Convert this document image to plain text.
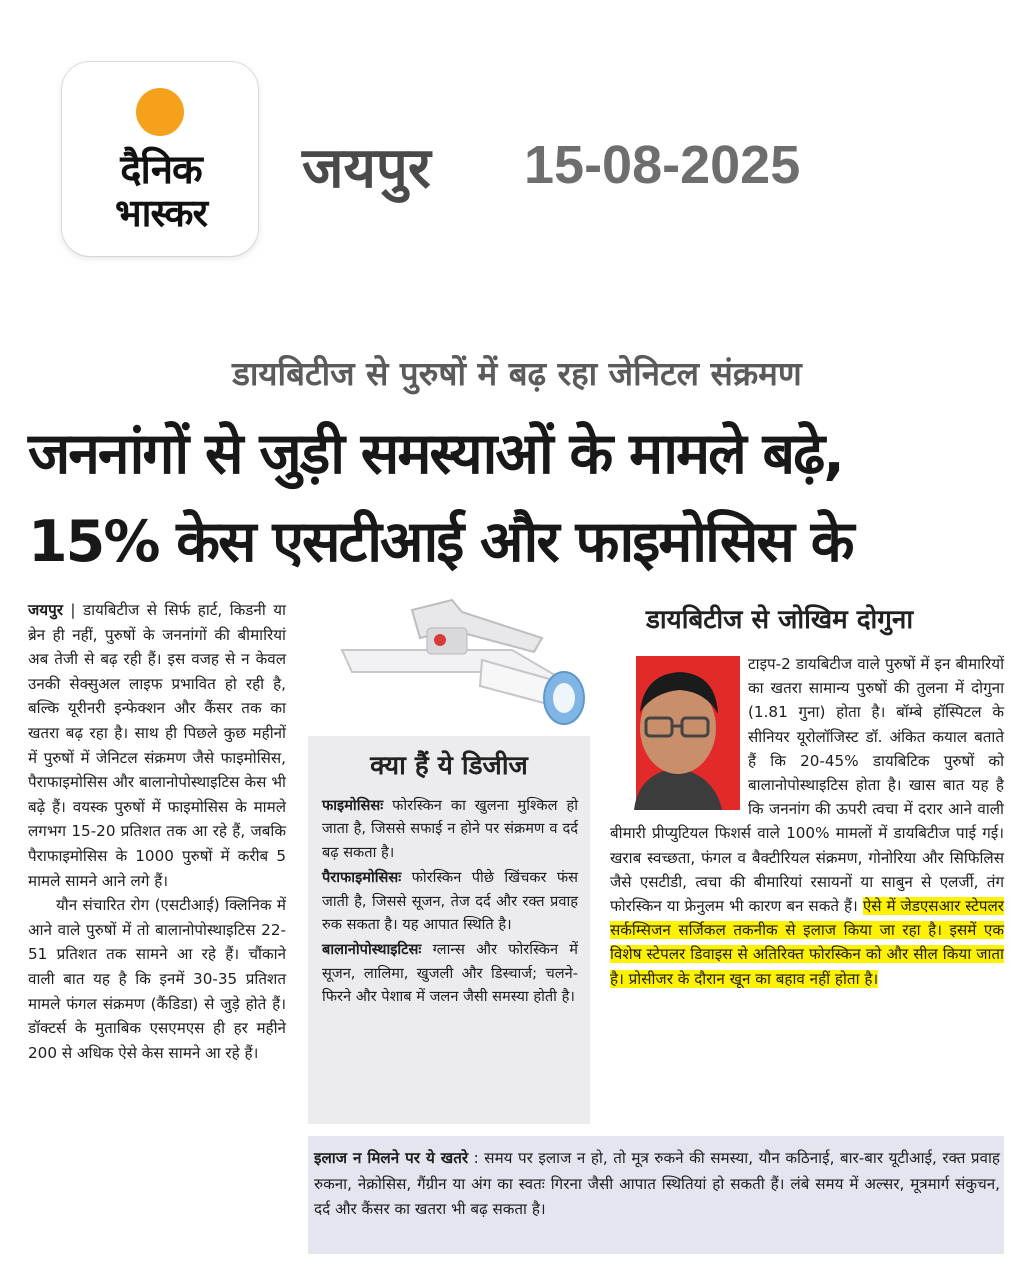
दैनिक
भास्कर
जयपुर 15-08-2025
डायबिटीज से पुरुषों में बढ़ रहा जेनिटल संक्रमण
जननांगों से जुड़ी समस्याओं के मामले बढ़े,
15% केस एसटीआई और फाइमोसिस के

जयपुर | डायबिटीज से सिर्फ हार्ट, किडनी या ब्रेन ही नहीं, पुरुषों के जननांगों की बीमारियां अब तेजी से बढ़ रही हैं। इस वजह से न केवल उनकी सेक्सुअल लाइफ प्रभावित हो रही है, बल्कि यूरीनरी इन्फेक्शन और कैंसर तक का खतरा बढ़ रहा है। साथ ही पिछले कुछ महीनों में पुरुषों में जेनिटल संक्रमण जैसे फाइमोसिस, पैराफाइमोसिस और बालानोपोस्थाइटिस केस भी बढ़े हैं। वयस्क पुरुषों में फाइमोसिस के मामले लगभग 15-20 प्रतिशत तक आ रहे हैं, जबकि पैराफाइमोसिस के 1000 पुरुषों में करीब 5 मामले सामने आने लगे हैं।

यौन संचारित रोग (एसटीआई) क्लिनिक में आने वाले पुरुषों में तो बालानोपोस्थाइटिस 22-51 प्रतिशत तक सामने आ रहे हैं। चौंकाने वाली बात यह है कि इनमें 30-35 प्रतिशत मामले फंगल संक्रमण (कैंडिडा) से जुड़े होते हैं। डॉक्टर्स के मुताबिक एसएमएस ही हर महीने 200 से अधिक ऐसे केस सामने आ रहे हैं।

क्या हैं ये डिजीज

फाइमोसिसः फोरस्किन का खुलना मुश्किल हो जाता है, जिससे सफाई न होने पर संक्रमण व दर्द बढ़ सकता है।

पैराफाइमोसिसः फोरस्किन पीछे खिंचकर फंस जाती है, जिससे सूजन, तेज दर्द और रक्त प्रवाह रुक सकता है। यह आपात स्थिति है।

बालानोपोस्थाइटिसः ग्लान्स और फोरस्किन में सूजन, लालिमा, खुजली और डिस्चार्ज; चलने-फिरने और पेशाब में जलन जैसी समस्या होती है।

डायबिटीज से जोखिम दोगुना

टाइप-2 डायबिटीज वाले पुरुषों में इन बीमारियों का खतरा सामान्य पुरुषों की तुलना में दोगुना (1.81 गुना) होता है। बॉम्बे हॉस्पिटल के सीनियर यूरोलॉजिस्ट डॉ. अंकित कयाल बताते हैं कि 20-45% डायबिटिक पुरुषों को बालानोपोस्थाइटिस होता है। खास बात यह है कि जननांग की ऊपरी त्वचा में दरार आने वाली बीमारी प्रीप्युटियल फिशर्स वाले 100% मामलों में डायबिटीज पाई गई। खराब स्वच्छता, फंगल व बैक्टीरियल संक्रमण, गोनोरिया और सिफिलिस जैसे एसटीडी, त्वचा की बीमारियां रसायनों या साबुन से एलर्जी, तंग फोरस्किन या फ्रेनुलम भी कारण बन सकते हैं। ऐसे में जेडएसआर स्टेपलर सर्कम्सिजन सर्जिकल तकनीक से इलाज किया जा रहा है। इसमें एक विशेष स्टेपलर डिवाइस से अतिरिक्त फोरस्किन को और सील किया जाता है। प्रोसीजर के दौरान खून का बहाव नहीं होता है।

इलाज न मिलने पर ये खतरे : समय पर इलाज न हो, तो मूत्र रुकने की समस्या, यौन कठिनाई, बार-बार यूटीआई, रक्त प्रवाह रुकना, नेक्रोसिस, गैंग्रीन या अंग का स्वतः गिरना जैसी आपात स्थितियां हो सकती हैं। लंबे समय में अल्सर, मूत्रमार्ग संकुचन, दर्द और कैंसर का खतरा भी बढ़ सकता है।
